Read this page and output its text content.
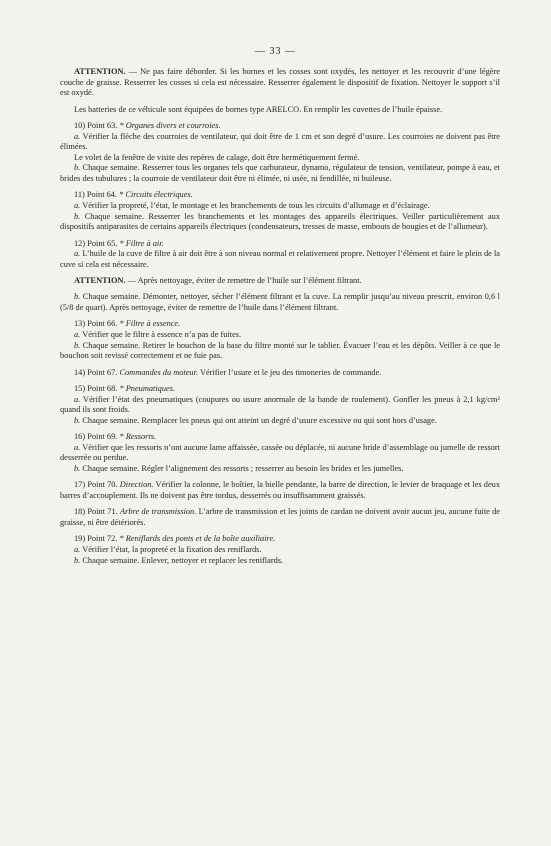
— 33 —

ATTENTION. — Ne pas faire déborder. Si les bornes et les cosses sont oxydés, les nettoyer et les recouvrir d’une légère couche de graisse. Resserrer les cosses si cela est nécessaire. Resserrer également le dispositif de fixation. Nettoyer le support s’il est oxydé.

Les batteries de ce véhicule sont équipées de bornes type ARELCO. En remplir les cuvettes de l’huile épaisse.

10) Point 63. * Organes divers et courroies.

a. Vérifier la flèche des courroies de ventilateur, qui doit être de 1 cm et son degré d’usure. Les courroies ne doivent pas être élimées.

Le volet de la fenêtre de visite des repères de calage, doit être hermétiquement fermé.

b. Chaque semaine. Resserrer tous les organes tels que carburateur, dynamo, régulateur de tension, ventilateur, pompe à eau, et brides des tubulures ; la courroie de ventilateur doit être ni élimée, ni usée, ni fendillée, ni huileuse.

11) Point 64. * Circuits électriques.

a. Vérifier la propreté, l’état, le montage et les branchements de tous les circuits d’allumage et d’éclairage.

b. Chaque semaine. Resserrer les branchements et les montages des appareils électriques. Veiller particulièrement aux dispositifs antiparasites de certains appareils électriques (condensateurs, tresses de masse, embouts de bougies et de l’allumeur).

12) Point 65. * Filtre à air.

a. L’huile de la cuve de filtre à air doit être à son niveau normal et relativement propre. Nettoyer l’élément et faire le plein de la cuve si cela est nécessaire.

ATTENTION. — Après nettoyage, éviter de remettre de l’huile sur l’élément filtrant.

b. Chaque semaine. Démonter, nettoyer, sécher l’élément filtrant et la cuve. La remplir jusqu’au niveau prescrit, environ 0,6 l (5/8 de quart). Après nettoyage, éviter de remettre de l’huile dans l’élément filtrant.

13) Point 66. * Filtre à essence.

a. Vérifier que le filtre à essence n’a pas de fuites.

b. Chaque semaine. Retirer le bouchon de la base du filtre monté sur le tablier. Évacuer l’eau et les dépôts. Veiller à ce que le bouchon soit revissé correctement et ne fuie pas.

14) Point 67. Commandes du moteur. Vérifier l’usure et le jeu des timoneries de commande.

15) Point 68. * Pneumatiques.

a. Vérifier l’état des pneumatiques (coupures ou usure anormale de la bande de roulement). Gonfler les pneus à 2,1 kg/cm² quand ils sont froids.

b. Chaque semaine. Remplacer les pneus qui ont atteint un degré d’usure excessive ou qui sont hors d’usage.

16) Point 69. * Ressorts.

a. Vérifier que les ressorts n’ont aucune lame affaissée, cassée ou déplacée, ni aucune bride d’assemblage ou jumelle de ressort desserrée ou perdue.

b. Chaque semaine. Régler l’alignement des ressorts ; resserrer au besoin les brides et les jumelles.

17) Point 70. Direction. Vérifier la colonne, le boîtier, la bielle pendante, la barre de direction, le levier de braquage et les deux barres d’accouplement. Ils ne doivent pas être tordus, desserrés ou insuffisamment graissés.

18) Point 71. Arbre de transmission. L’arbre de transmission et les joints de cardan ne doivent avoir aucun jeu, aucune fuite de graisse, ni être détériorés.

19) Point 72. * Reniflards des ponts et de la boîte auxiliaire.

a. Vérifier l’état, la propreté et la fixation des reniflards.

b. Chaque semaine. Enlever, nettoyer et replacer les reniflards.
